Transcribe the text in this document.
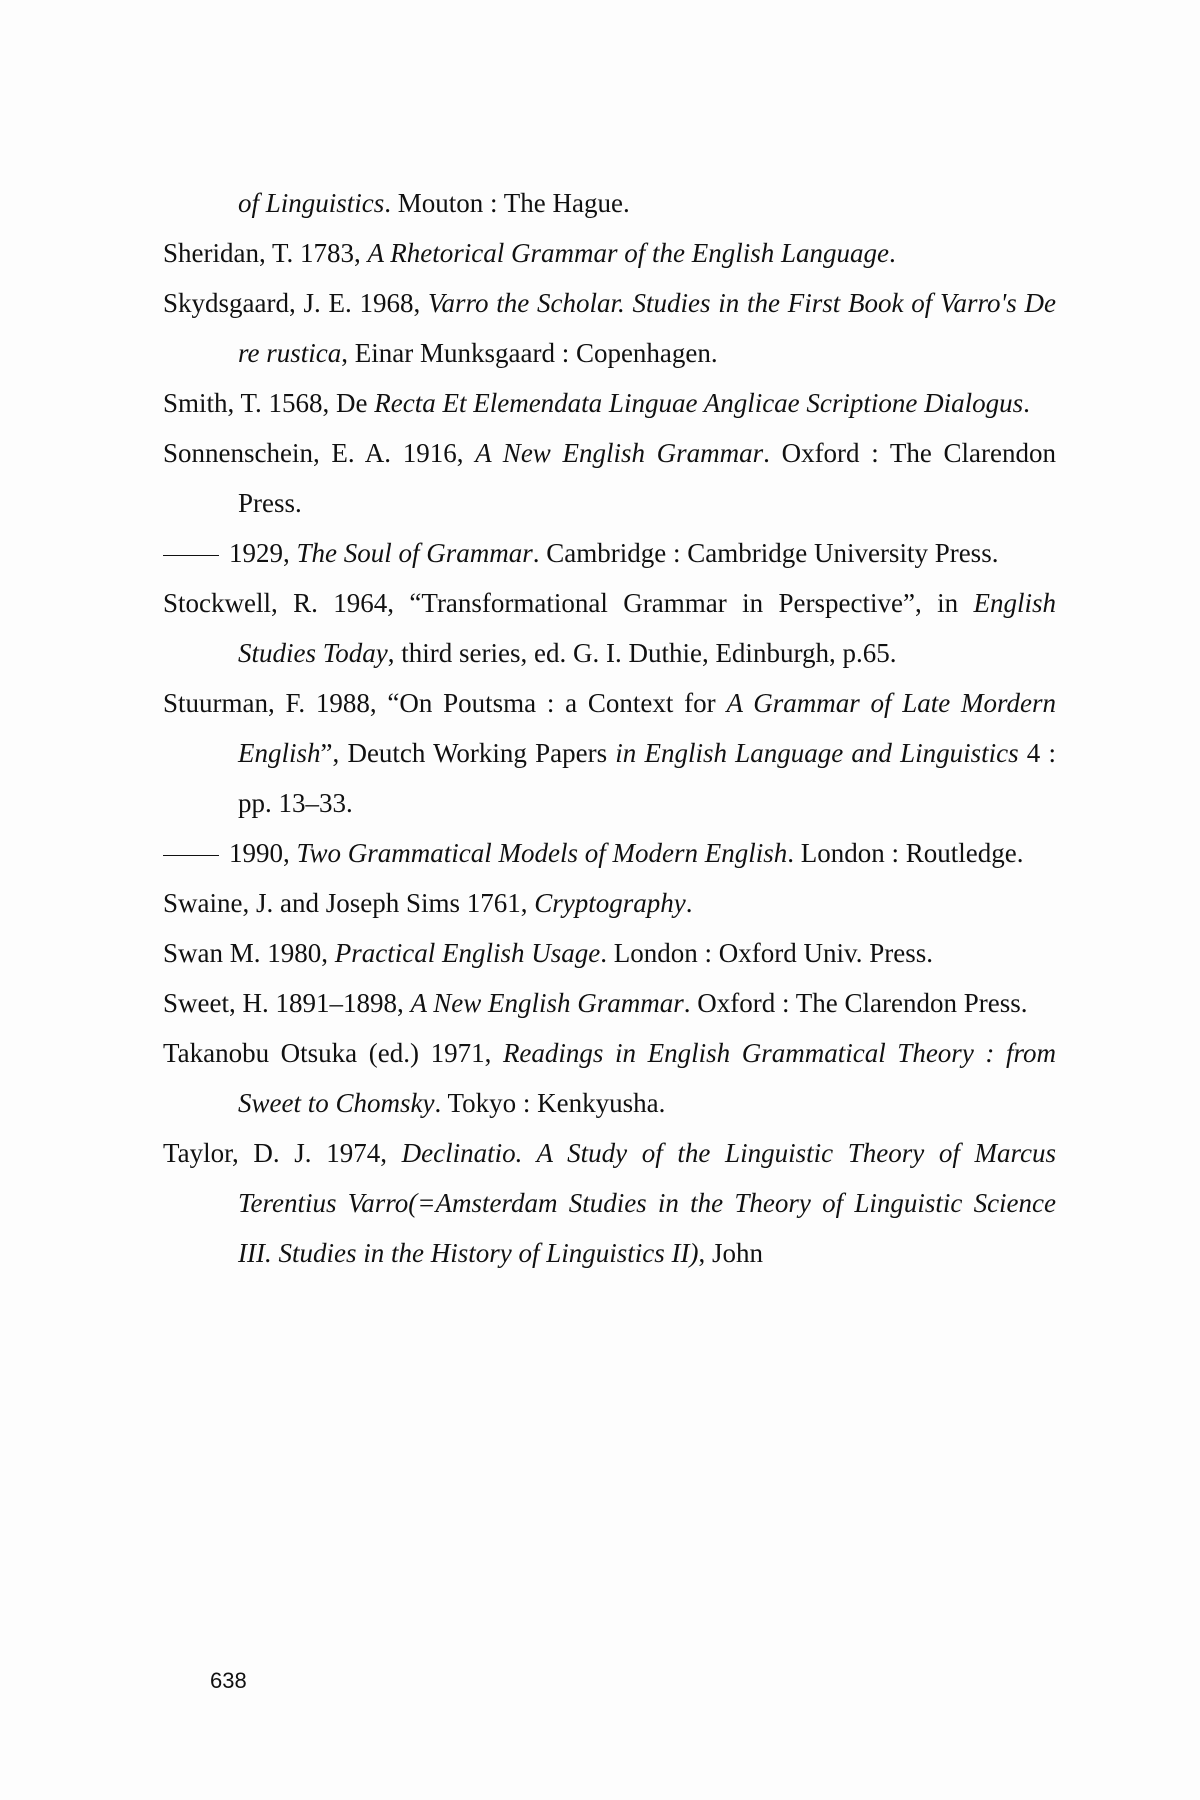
of Linguistics. Mouton : The Hague.

Sheridan, T. 1783, A Rhetorical Grammar of the English Language.

Skydsgaard, J. E. 1968, Varro the Scholar. Studies in the First Book of Varro's De re rustica, Einar Munksgaard : Copenhagen.

Smith, T. 1568, De Recta Et Elemendata Linguae Anglicae Scriptione Dialogus.

Sonnenschein, E. A. 1916, A New English Grammar. Oxford : The Clarendon Press.

1929, The Soul of Grammar. Cambridge : Cambridge University Press.

Stockwell, R. 1964, “Transformational Grammar in Perspective”, in English Studies Today, third series, ed. G. I. Duthie, Edinburgh, p.65.

Stuurman, F. 1988, “On Poutsma : a Context for A Grammar of Late Mordern English”, Deutch Working Papers in English Language and Linguistics 4 : pp. 13–33.

1990, Two Grammatical Models of Modern English. London : Routledge.

Swaine, J. and Joseph Sims 1761, Cryptography.

Swan M. 1980, Practical English Usage. London : Oxford Univ. Press.

Sweet, H. 1891–1898, A New English Grammar. Oxford : The Clarendon Press.

Takanobu Otsuka (ed.) 1971, Readings in English Grammatical Theory : from Sweet to Chomsky. Tokyo : Kenkyusha.

Taylor, D. J. 1974, Declinatio. A Study of the Linguistic Theory of Marcus Terentius Varro(=Amsterdam Studies in the Theory of Linguistic Science III. Studies in the History of Linguistics II), John

638
